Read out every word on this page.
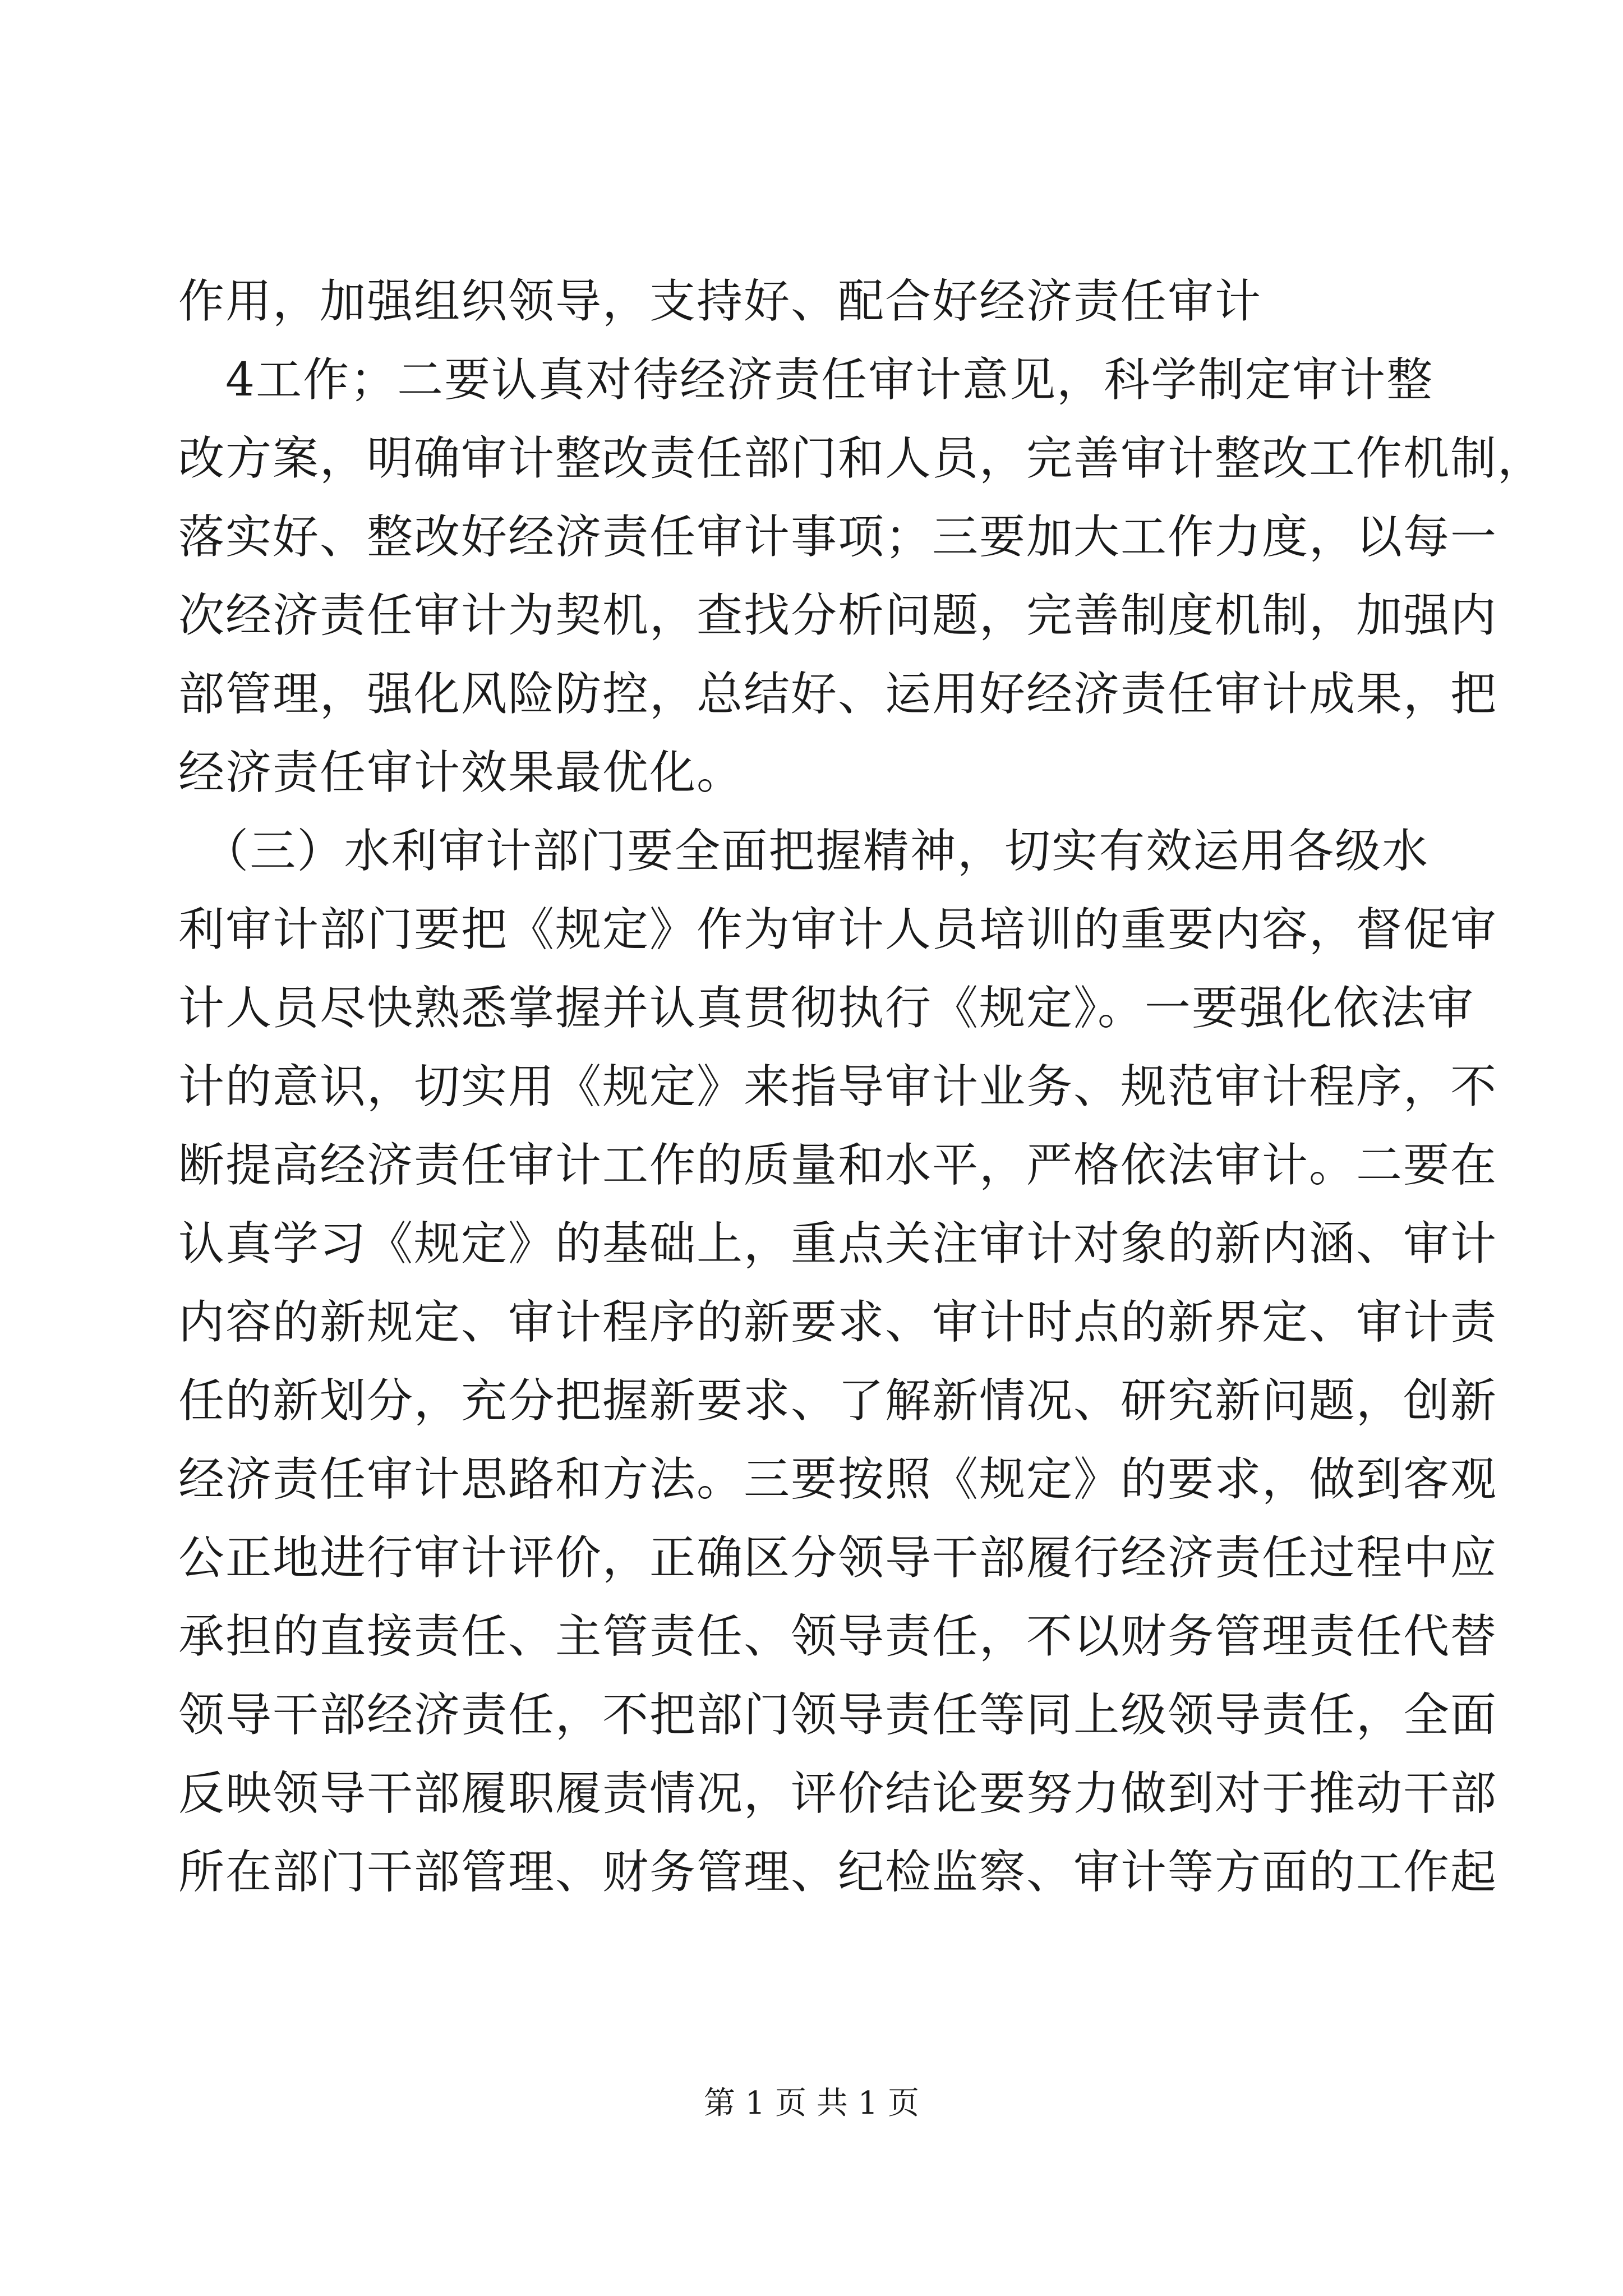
作用，加强组织领导，支持好、配合好经济责任审计
　4工作；二要认真对待经济责任审计意见，科学制定审计整
改方案，明确审计整改责任部门和人员，完善审计整改工作机制，
落实好、整改好经济责任审计事项；三要加大工作力度，以每一
次经济责任审计为契机，查找分析问题，完善制度机制，加强内
部管理，强化风险防控，总结好、运用好经济责任审计成果，把
经济责任审计效果最优化。
　（三）水利审计部门要全面把握精神，切实有效运用各级水
利审计部门要把《规定》作为审计人员培训的重要内容，督促审
计人员尽快熟悉掌握并认真贯彻执行《规定》。一要强化依法审
计的意识，切实用《规定》来指导审计业务、规范审计程序，不
断提高经济责任审计工作的质量和水平，严格依法审计。二要在
认真学习《规定》的基础上，重点关注审计对象的新内涵、审计
内容的新规定、审计程序的新要求、审计时点的新界定、审计责
任的新划分，充分把握新要求、了解新情况、研究新问题，创新
经济责任审计思路和方法。三要按照《规定》的要求，做到客观
公正地进行审计评价，正确区分领导干部履行经济责任过程中应
承担的直接责任、主管责任、领导责任，不以财务管理责任代替
领导干部经济责任，不把部门领导责任等同上级领导责任，全面
反映领导干部履职履责情况，评价结论要努力做到对于推动干部
所在部门干部管理、财务管理、纪检监察、审计等方面的工作起
第 1 页 共 1 页
